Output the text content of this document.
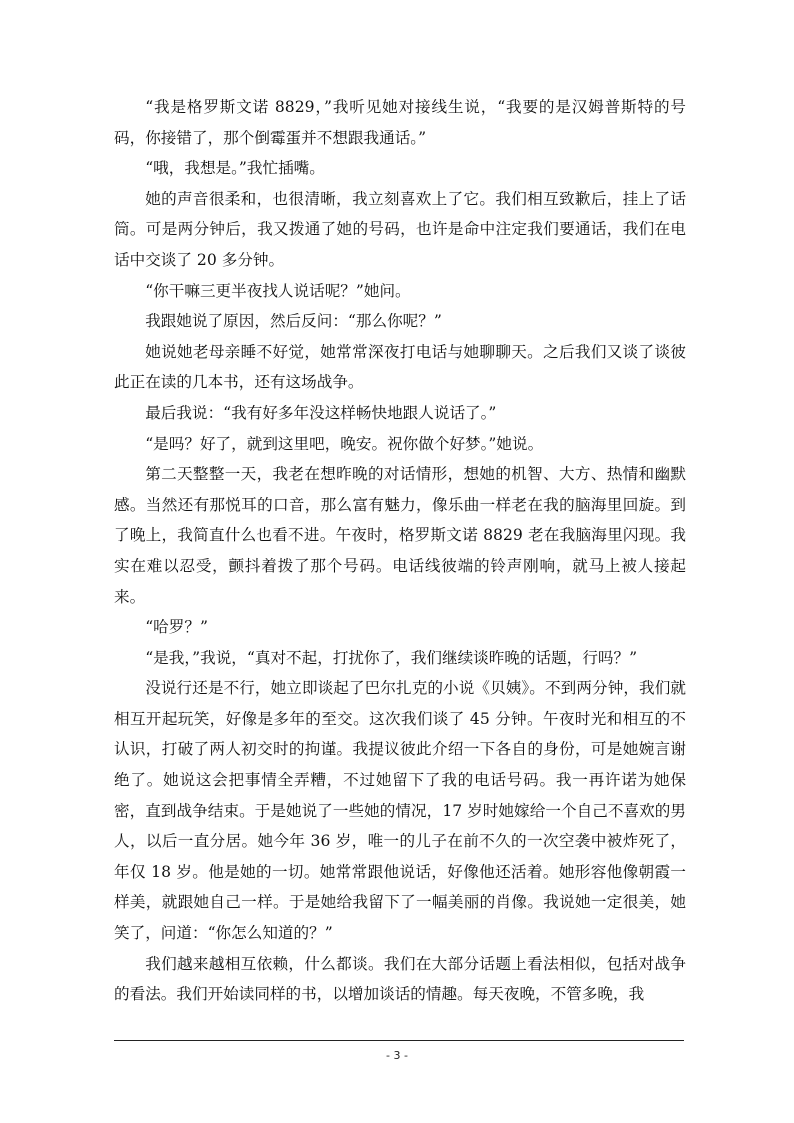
“我是格罗斯文诺 8829，”我听见她对接线生说，“我要的是汉姆普斯特的号码，你接错了，那个倒霉蛋并不想跟我通话。”

“哦，我想是。”我忙插嘴。

她的声音很柔和，也很清晰，我立刻喜欢上了它。我们相互致歉后，挂上了话筒。可是两分钟后，我又拨通了她的号码，也许是命中注定我们要通话，我们在电话中交谈了 20 多分钟。

“你干嘛三更半夜找人说话呢？”她问。

我跟她说了原因，然后反问：“那么你呢？”

她说她老母亲睡不好觉，她常常深夜打电话与她聊聊天。之后我们又谈了谈彼此正在读的几本书，还有这场战争。

最后我说：“我有好多年没这样畅快地跟人说话了。”

“是吗？好了，就到这里吧，晚安。祝你做个好梦。”她说。

第二天整整一天，我老在想昨晚的对话情形，想她的机智、大方、热情和幽默感。当然还有那悦耳的口音，那么富有魅力，像乐曲一样老在我的脑海里回旋。到了晚上，我简直什么也看不进。午夜时，格罗斯文诺 8829 老在我脑海里闪现。我实在难以忍受，颤抖着拨了那个号码。电话线彼端的铃声刚响，就马上被人接起来。

“哈罗？”

“是我，”我说，“真对不起，打扰你了，我们继续谈昨晚的话题，行吗？”

没说行还是不行，她立即谈起了巴尔扎克的小说《贝姨》。不到两分钟，我们就相互开起玩笑，好像是多年的至交。这次我们谈了 45 分钟。午夜时光和相互的不认识，打破了两人初交时的拘谨。我提议彼此介绍一下各自的身份，可是她婉言谢绝了。她说这会把事情全弄糟，不过她留下了我的电话号码。我一再许诺为她保密，直到战争结束。于是她说了一些她的情况，17 岁时她嫁给一个自己不喜欢的男人，以后一直分居。她今年 36 岁，唯一的儿子在前不久的一次空袭中被炸死了，年仅 18 岁。他是她的一切。她常常跟他说话，好像他还活着。她形容他像朝霞一样美，就跟她自己一样。于是她给我留下了一幅美丽的肖像。我说她一定很美，她笑了，问道：“你怎么知道的？”

我们越来越相互依赖，什么都谈。我们在大部分话题上看法相似，包括对战争的看法。我们开始读同样的书，以增加谈话的情趣。每天夜晚，不管多晚，我

- 3 -
